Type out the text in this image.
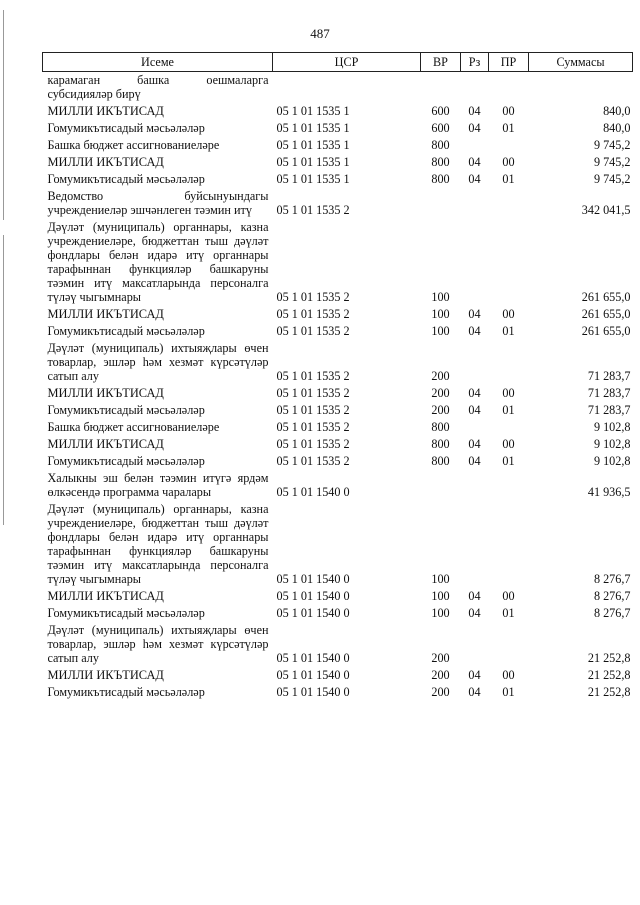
487
Исеме	ЦСР	ВР	Рз	ПР	Суммасы
карамаган башка оешмаларга субсидияләр бирү					
МИЛЛИ ИКЪТИСАД	05 1 01 1535 1	600	04	00	840,0
Гомумикътисадый мәсьәләләр	05 1 01 1535 1	600	04	01	840,0
Башка бюджет ассигнованиеләре	05 1 01 1535 1	800			9 745,2
МИЛЛИ ИКЪТИСАД	05 1 01 1535 1	800	04	00	9 745,2
Гомумикътисадый мәсьәләләр	05 1 01 1535 1	800	04	01	9 745,2
Ведомство буйсынуындагы учреждениеләр эшчәнлеген тәэмин итү	05 1 01 1535 2				342 041,5
Дәүләт (муниципаль) органнары, казна учреждениеләре, бюджеттан тыш дәүләт фондлары белән идарә итү органнары тарафыннан функцияләр башкаруны тәэмин итү максатларында персоналга түләү чыгымнары	05 1 01 1535 2	100			261 655,0
МИЛЛИ ИКЪТИСАД	05 1 01 1535 2	100	04	00	261 655,0
Гомумикътисадый мәсьәләләр	05 1 01 1535 2	100	04	01	261 655,0
Дәүләт (муниципаль) ихтыяҗлары өчен товарлар, эшләр һәм хезмәт күрсәтүләр сатып алу	05 1 01 1535 2	200			71 283,7
МИЛЛИ ИКЪТИСАД	05 1 01 1535 2	200	04	00	71 283,7
Гомумикътисадый мәсьәләләр	05 1 01 1535 2	200	04	01	71 283,7
Башка бюджет ассигнованиеләре	05 1 01 1535 2	800			9 102,8
МИЛЛИ ИКЪТИСАД	05 1 01 1535 2	800	04	00	9 102,8
Гомумикътисадый мәсьәләләр	05 1 01 1535 2	800	04	01	9 102,8
Халыкны эш белән тәэмин итүгә ярдәм өлкәсендә программа чаралары	05 1 01 1540 0				41 936,5
Дәүләт (муниципаль) органнары, казна учреждениеләре, бюджеттан тыш дәүләт фондлары белән идарә итү органнары тарафыннан функцияләр башкаруны тәэмин итү максатларында персоналга түләү чыгымнары	05 1 01 1540 0	100			8 276,7
МИЛЛИ ИКЪТИСАД	05 1 01 1540 0	100	04	00	8 276,7
Гомумикътисадый мәсьәләләр	05 1 01 1540 0	100	04	01	8 276,7
Дәүләт (муниципаль) ихтыяҗлары өчен товарлар, эшләр һәм хезмәт күрсәтүләр сатып алу	05 1 01 1540 0	200			21 252,8
МИЛЛИ ИКЪТИСАД	05 1 01 1540 0	200	04	00	21 252,8
Гомумикътисадый мәсьәләләр	05 1 01 1540 0	200	04	01	21 252,8
